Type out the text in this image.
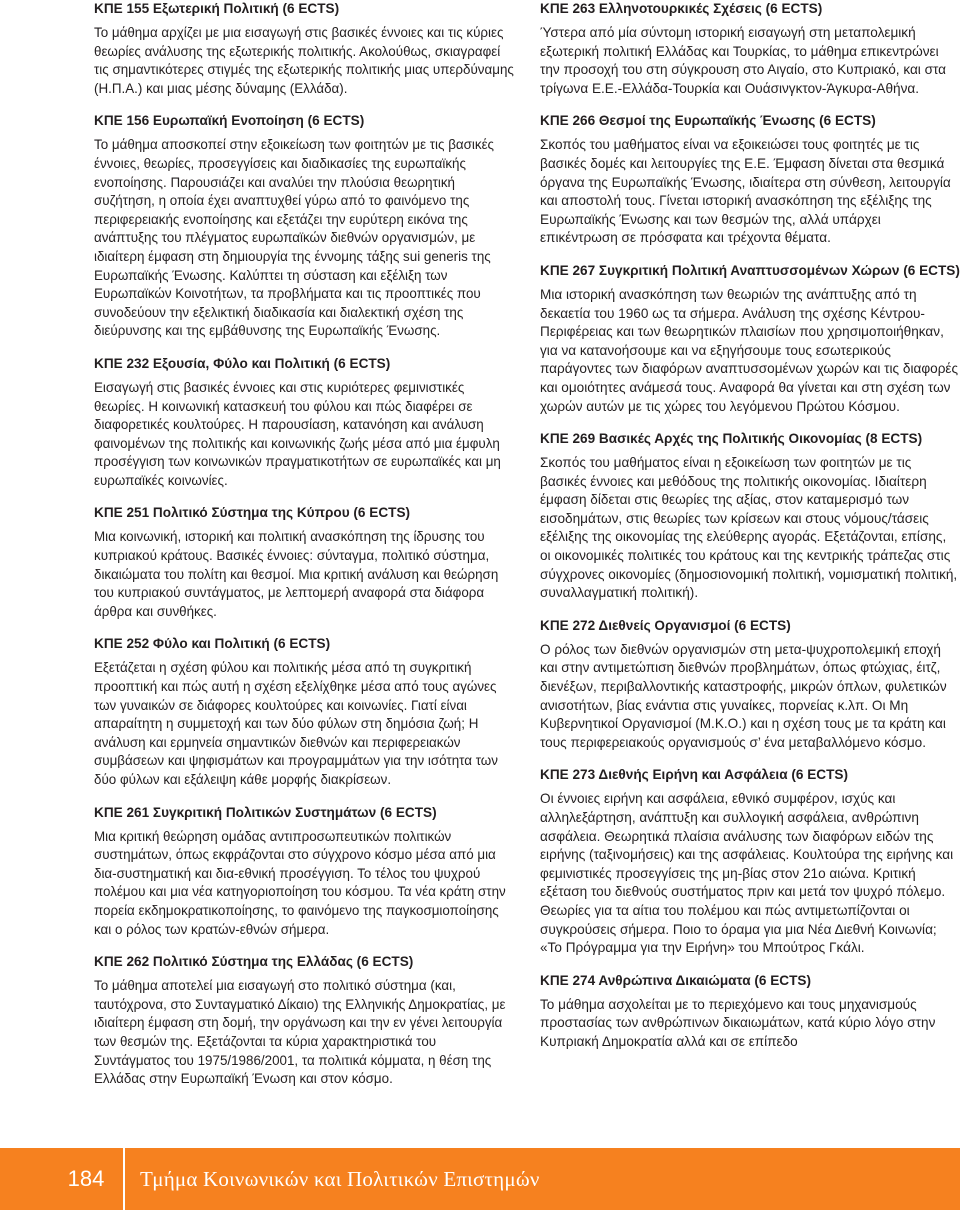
ΚΠΕ 155 Εξωτερική Πολιτική (6 ECTS)

Το μάθημα αρχίζει με μια εισαγωγή στις βασικές έννοιες και τις κύριες θεωρίες ανάλυσης της εξωτερικής πολιτικής. Ακολούθως, σκιαγραφεί τις σημαντικότερες στιγμές της εξωτερικής πολιτικής μιας υπερδύναμης (Η.Π.Α.) και μιας μέσης δύναμης (Ελλάδα).

ΚΠΕ 156 Ευρωπαϊκή Ενοποίηση (6 ECTS)

Το μάθημα αποσκοπεί στην εξοικείωση των φοιτητών με τις βασικές έννοιες, θεωρίες, προσεγγίσεις και διαδικασίες της ευρωπαϊκής ενοποίησης. Παρουσιάζει και αναλύει την πλούσια θεωρητική συζήτηση, η οποία έχει αναπτυχθεί γύρω από το φαινόμενο της περιφερειακής ενοποίησης και εξετάζει την ευρύτερη εικόνα της ανάπτυξης του πλέγματος ευρωπαϊκών διεθνών οργανισμών, με ιδιαίτερη έμφαση στη δημιουργία της έννομης τάξης sui generis της Ευρωπαϊκής Ένωσης. Καλύπτει τη σύσταση και εξέλιξη των Ευρωπαϊκών Κοινοτήτων, τα προβλήματα και τις προοπτικές που συνοδεύουν την εξελικτική διαδικασία και διαλεκτική σχέση της διεύρυνσης και της εμβάθυνσης της Ευρωπαϊκής Ένωσης.

ΚΠΕ 232 Εξουσία, Φύλο και Πολιτική (6 ECTS)

Εισαγωγή στις βασικές έννοιες και στις κυριότερες φεμινιστικές θεωρίες. Η κοινωνική κατασκευή του φύλου και πώς διαφέρει σε διαφορετικές κουλτούρες. Η παρουσίαση, κατανόηση και ανάλυση φαινομένων της πολιτικής και κοινωνικής ζωής μέσα από μια έμφυλη προσέγγιση των κοινωνικών πραγματικοτήτων σε ευρωπαϊκές και μη ευρωπαϊκές κοινωνίες.

ΚΠΕ 251 Πολιτικό Σύστημα της Κύπρου (6 ECTS)

Μια κοινωνική, ιστορική και πολιτική ανασκόπηση της ίδρυσης του κυπριακού κράτους. Βασικές έννοιες: σύνταγμα, πολιτικό σύστημα, δικαιώματα του πολίτη και θεσμοί. Μια κριτική ανάλυση και θεώρηση του κυπριακού συντάγματος, με λεπτομερή αναφορά στα διάφορα άρθρα και συνθήκες.

ΚΠΕ 252 Φύλο και Πολιτική (6 ECTS)

Εξετάζεται η σχέση φύλου και πολιτικής μέσα από τη συγκριτική προοπτική και πώς αυτή η σχέση εξελίχθηκε μέσα από τους αγώνες των γυναικών σε διάφορες κουλτούρες και κοινωνίες. Γιατί είναι απαραίτητη η συμμετοχή και των δύο φύλων στη δημόσια ζωή; Η ανάλυση και ερμηνεία σημαντικών διεθνών και περιφερειακών συμβάσεων και ψηφισμάτων και προγραμμάτων για την ισότητα των δύο φύλων και εξάλειψη κάθε μορφής διακρίσεων.

ΚΠΕ 261 Συγκριτική Πολιτικών Συστημάτων (6 ECTS)

Μια κριτική θεώρηση ομάδας αντιπροσωπευτικών πολιτικών συστημάτων, όπως εκφράζονται στο σύγχρονο κόσμο μέσα από μια δια-συστηματική και δια-εθνική προσέγγιση. Το τέλος του ψυχρού πολέμου και μια νέα κατηγοριοποίηση του κόσμου. Τα νέα κράτη στην πορεία εκδημοκρατικοποίησης, το φαινόμενο της παγκοσμιοποίησης και ο ρόλος των κρατών-εθνών σήμερα.

ΚΠΕ 262 Πολιτικό Σύστημα της Ελλάδας (6 ECTS)

Το μάθημα αποτελεί μια εισαγωγή στο πολιτικό σύστημα (και, ταυτόχρονα, στο Συνταγματικό Δίκαιο) της Ελληνικής Δημοκρατίας, με ιδιαίτερη έμφαση στη δομή, την οργάνωση και την εν γένει λειτουργία των θεσμών της. Εξετάζονται τα κύρια χαρακτηριστικά του Συντάγματος του 1975/1986/2001, τα πολιτικά κόμματα, η θέση της Ελλάδας στην Ευρωπαϊκή Ένωση και στον κόσμο.

ΚΠΕ 263 Ελληνοτουρκικές Σχέσεις (6 ECTS)

Ύστερα από μία σύντομη ιστορική εισαγωγή στη μεταπολεμική εξωτερική πολιτική Ελλάδας και Τουρκίας, το μάθημα επικεντρώνει την προσοχή του στη σύγκρουση στο Αιγαίο, στο Κυπριακό, και στα τρίγωνα Ε.Ε.-Ελλάδα-Τουρκία και Ουάσινγκτον-Άγκυρα-Αθήνα.

ΚΠΕ 266 Θεσμοί της Ευρωπαϊκής Ένωσης (6 ECTS)

Σκοπός του μαθήματος είναι να εξοικειώσει τους φοιτητές με τις βασικές δομές και λειτουργίες της Ε.Ε. Έμφαση δίνεται στα θεσμικά όργανα της Ευρωπαϊκής Ένωσης, ιδιαίτερα στη σύνθεση, λειτουργία και αποστολή τους. Γίνεται ιστορική ανασκόπηση της εξέλιξης της Ευρωπαϊκής Ένωσης και των θεσμών της, αλλά υπάρχει επικέντρωση σε πρόσφατα και τρέχοντα θέματα.

ΚΠΕ 267 Συγκριτική Πολιτική Αναπτυσσομένων Χώρων (6 ECTS)

Μια ιστορική ανασκόπηση των θεωριών της ανάπτυξης από τη δεκαετία του 1960 ως τα σήμερα. Ανάλυση της σχέσης Κέντρου- Περιφέρειας και των θεωρητικών πλαισίων που χρησιμοποιήθηκαν, για να κατανοήσουμε και να εξηγήσουμε τους εσωτερικούς παράγοντες των διαφόρων αναπτυσσομένων χωρών και τις διαφορές και ομοιότητες ανάμεσά τους. Αναφορά θα γίνεται και στη σχέση των χωρών αυτών με τις χώρες του λεγόμενου Πρώτου Κόσμου.

ΚΠΕ 269 Βασικές Αρχές της Πολιτικής Οικονομίας (8 ECTS)

Σκοπός του μαθήματος είναι η εξοικείωση των φοιτητών με τις βασικές έννοιες και μεθόδους της πολιτικής οικονομίας. Ιδιαίτερη έμφαση δίδεται στις θεωρίες της αξίας, στον καταμερισμό των εισοδημάτων, στις θεωρίες των κρίσεων και στους νόμους/τάσεις εξέλιξης της οικονομίας της ελεύθερης αγοράς. Εξετάζονται, επίσης, οι οικονομικές πολιτικές του κράτους και της κεντρικής τράπεζας στις σύγχρονες οικονομίες (δημοσιονομική πολιτική, νομισματική πολιτική, συναλλαγματική πολιτική).

ΚΠΕ 272 Διεθνείς Οργανισμοί (6 ECTS)

Ο ρόλος των διεθνών οργανισμών στη μετα-ψυχροπολεμική εποχή και στην αντιμετώπιση διεθνών προβλημάτων, όπως φτώχιας, έιτζ, διενέξων, περιβαλλοντικής καταστροφής, μικρών όπλων, φυλετικών ανισοτήτων, βίας ενάντια στις γυναίκες, πορνείας κ.λπ. Οι Μη Κυβερνητικοί Οργανισμοί (Μ.Κ.Ο.) και η σχέση τους με τα κράτη και τους περιφερειακούς οργανισμούς σ’ ένα μεταβαλλόμενο κόσμο.

ΚΠΕ 273 Διεθνής Ειρήνη και Ασφάλεια (6 ECTS)

Οι έννοιες ειρήνη και ασφάλεια, εθνικό συμφέρον, ισχύς και αλληλεξάρτηση, ανάπτυξη και συλλογική ασφάλεια, ανθρώπινη ασφάλεια. Θεωρητικά πλαίσια ανάλυσης των διαφόρων ειδών της ειρήνης (ταξινομήσεις) και της ασφάλειας. Κουλτούρα της ειρήνης και φεμινιστικές προσεγγίσεις της μη-βίας στον 21ο αιώνα. Κριτική εξέταση του διεθνούς συστήματος πριν και μετά τον ψυχρό πόλεμο. Θεωρίες για τα αίτια του πολέμου και πώς αντιμετωπίζονται οι συγκρούσεις σήμερα. Ποιο το όραμα για μια Νέα Διεθνή Κοινωνία; «Το Πρόγραμμα για την Ειρήνη» του Μπούτρος Γκάλι.

ΚΠΕ 274 Ανθρώπινα Δικαιώματα (6 ECTS)

Το μάθημα ασχολείται με το περιεχόμενο και τους μηχανισμούς προστασίας των ανθρώπινων δικαιωμάτων, κατά κύριο λόγο στην Κυπριακή Δημοκρατία αλλά και σε επίπεδο

184	Τμήμα Κοινωνικών και Πολιτικών Επιστημών
